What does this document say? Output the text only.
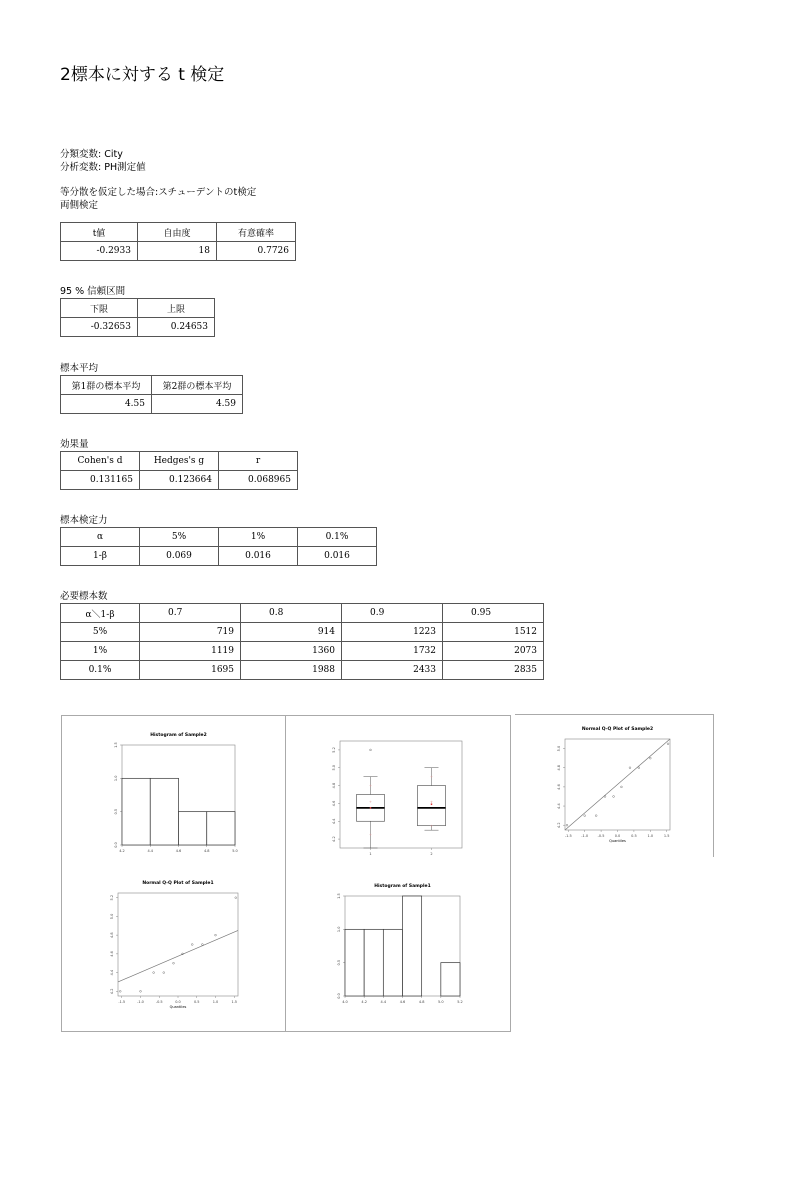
2標本に対する t 検定
分類変数: City
分析変数: PH測定値
等分散を仮定した場合:スチューデントのt検定
両側検定
t値	自由度	有意確率
-0.2933	18	0.7726
95 % 信頼区間
下限	上限
-0.32653	0.24653
標本平均
第1群の標本平均	第2群の標本平均
4.55	4.59
効果量
Cohen's d	Hedges's g	r
0.131165	0.123664	0.068965
標本検定力
α	5%	1%	0.1%
1-β	0.069	0.016	0.016
必要標本数
α＼1-β	0.7	0.8	0.9	0.95
5%	719	914	1223	1512
1%	1119	1360	1732	2073
0.1%	1695	1988	2433	2835
Histogram of Sample2
4.2	4.4	4.6	4.8	5.0
0.0
0.5
1.0
1.5
4.2
4.4
4.6
4.8
5.0
5.2
1	2
Normal Q-Q Plot of Sample2
-1.5	-1.0	-0.5	0.0	0.5	1.0	1.5
4.2
4.4
4.6
4.8
5.0
Quantiles
Normal Q-Q Plot of Sample1
-1.5	-1.0	-0.5	0.0	0.5	1.0	1.5
4.2
4.4
4.6
4.8
5.0
5.2
Quantiles
Histogram of Sample1
4.0	4.2	4.4	4.6	4.8	5.0	5.2
0.0
0.5
1.0
1.5
